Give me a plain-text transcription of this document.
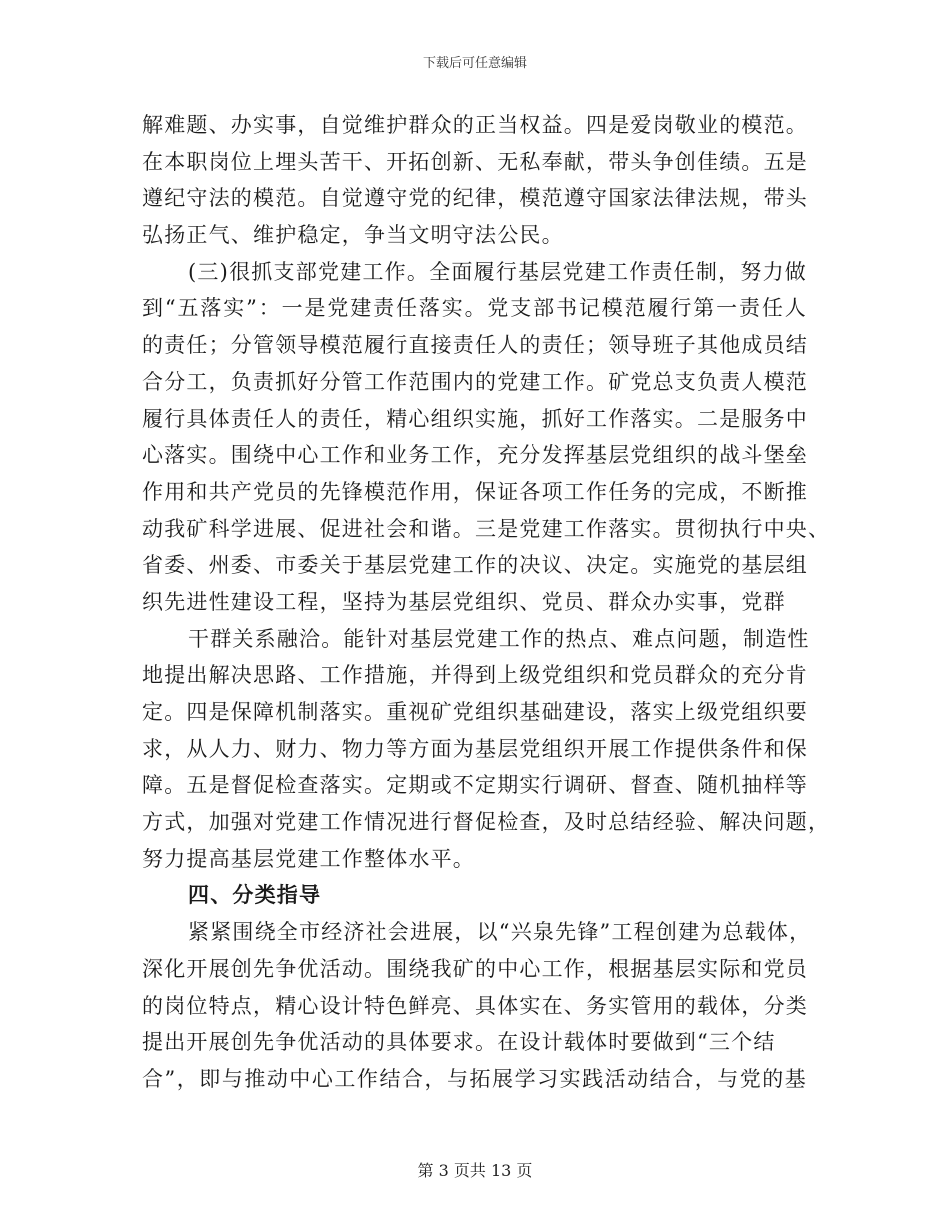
下载后可任意编辑
解难题、办实事，自觉维护群众的正当权益。四是爱岗敬业的模范。
在本职岗位上埋头苦干、开拓创新、无私奉献，带头争创佳绩。五是
遵纪守法的模范。自觉遵守党的纪律，模范遵守国家法律法规，带头
弘扬正气、维护稳定，争当文明守法公民。
(三)很抓支部党建工作。全面履行基层党建工作责任制，努力做
到“五落实”：一是党建责任落实。党支部书记模范履行第一责任人
的责任；分管领导模范履行直接责任人的责任；领导班子其他成员结
合分工，负责抓好分管工作范围内的党建工作。矿党总支负责人模范
履行具体责任人的责任，精心组织实施，抓好工作落实。二是服务中
心落实。围绕中心工作和业务工作，充分发挥基层党组织的战斗堡垒
作用和共产党员的先锋模范作用，保证各项工作任务的完成，不断推
动我矿科学进展、促进社会和谐。三是党建工作落实。贯彻执行中央、
省委、州委、市委关于基层党建工作的决议、决定。实施党的基层组
织先进性建设工程，坚持为基层党组织、党员、群众办实事，党群
干群关系融洽。能针对基层党建工作的热点、难点问题，制造性
地提出解决思路、工作措施，并得到上级党组织和党员群众的充分肯
定。四是保障机制落实。重视矿党组织基础建设，落实上级党组织要
求，从人力、财力、物力等方面为基层党组织开展工作提供条件和保
障。五是督促检查落实。定期或不定期实行调研、督查、随机抽样等
方式，加强对党建工作情况进行督促检查，及时总结经验、解决问题，
努力提高基层党建工作整体水平。
四、分类指导
紧紧围绕全市经济社会进展，以“兴泉先锋”工程创建为总载体，
深化开展创先争优活动。围绕我矿的中心工作，根据基层实际和党员
的岗位特点，精心设计特色鲜亮、具体实在、务实管用的载体，分类
提出开展创先争优活动的具体要求。在设计载体时要做到“三个结
合”，即与推动中心工作结合，与拓展学习实践活动结合，与党的基
第 3 页共 13 页
